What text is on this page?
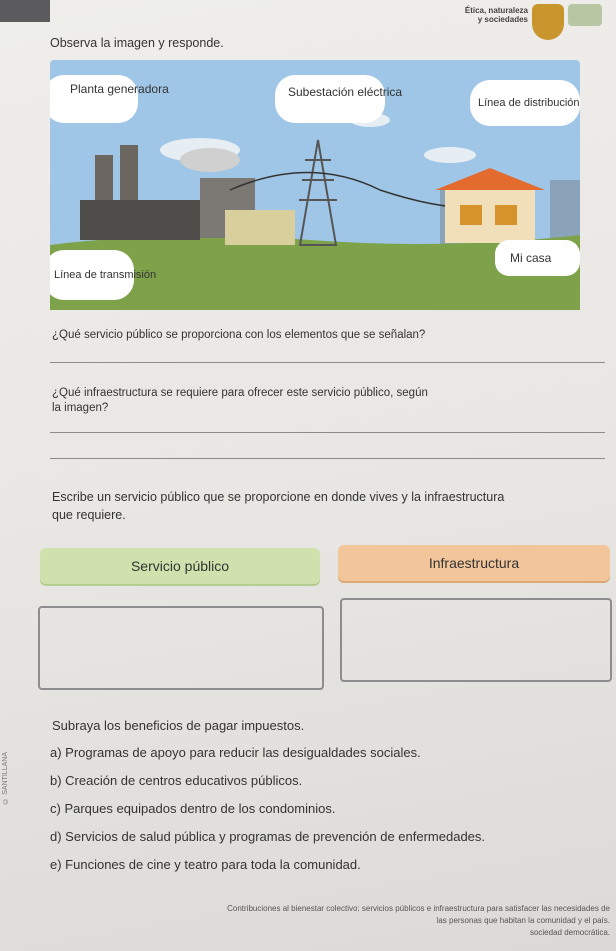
Ética, naturaleza
y sociedades
Observa la imagen y responde.
Planta generadora	Subestación eléctrica
Línea de distribución
Línea de transmisión
Mi casa
¿Qué servicio público se proporciona con los elementos que se señalan?
¿Qué infraestructura se requiere para ofrecer este servicio público, según
la imagen?
Escribe un servicio público que se proporcione en donde vives y la infraestructura
que requiere.
Servicio público	Infraestructura
Subraya los beneficios de pagar impuestos.
a) Programas de apoyo para reducir las desigualdades sociales.
b) Creación de centros educativos públicos.
c) Parques equipados dentro de los condominios.
d) Servicios de salud pública y programas de prevención de enfermedades.
e) Funciones de cine y teatro para toda la comunidad.
Contribuciones al bienestar colectivo: servicios públicos e infraestructura para satisfacer las necesidades de
las personas que habitan la comunidad y el país.
sociedad democrática.
© SANTILLANA
